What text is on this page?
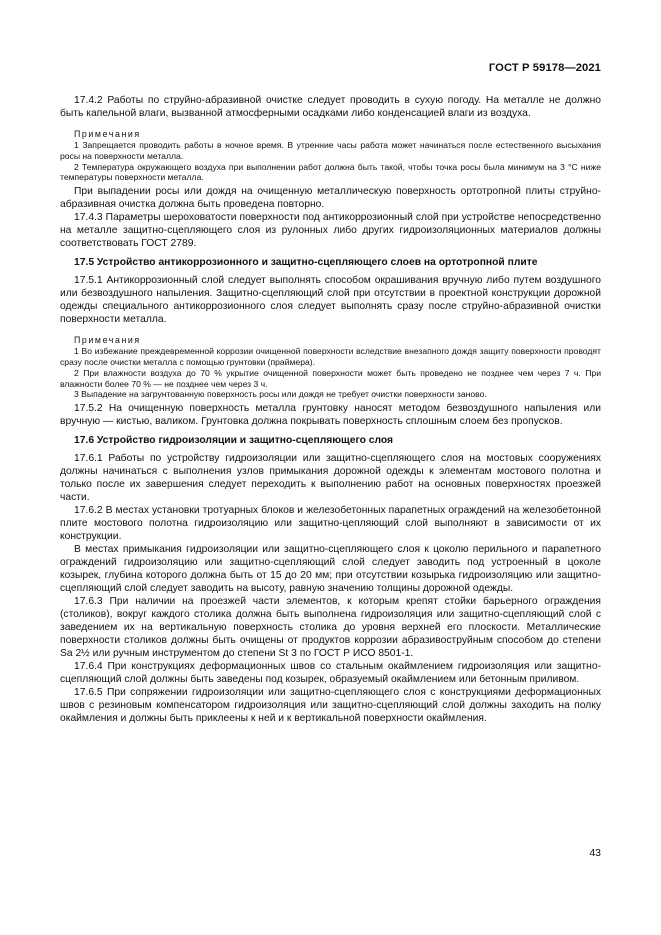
ГОСТ Р 59178—2021

17.4.2 Работы по струйно-абразивной очистке следует проводить в сухую погоду. На металле не должно быть капельной влаги, вызванной атмосферными осадками либо конденсацией влаги из воздуха.

Примечания

1 Запрещается проводить работы в ночное время. В утренние часы работа может начинаться после естественного высыхания росы на поверхности металла.

2 Температура окружающего воздуха при выполнении работ должна быть такой, чтобы точка росы была минимум на 3 °С ниже температуры поверхности металла.

При выпадении росы или дождя на очищенную металлическую поверхность ортотропной плиты струйно-абразивная очистка должна быть проведена повторно.

17.4.3 Параметры шероховатости поверхности под антикоррозионный слой при устройстве непосредственно на металле защитно-сцепляющего слоя из рулонных либо других гидроизоляционных материалов должны соответствовать ГОСТ 2789.

17.5 Устройство антикоррозионного и защитно-сцепляющего слоев на ортотропной плите

17.5.1 Антикоррозионный слой следует выполнять способом окрашивания вручную либо путем воздушного или безвоздушного напыления. Защитно-сцепляющий слой при отсутствии в проектной конструкции дорожной одежды специального антикоррозионного слоя следует выполнять сразу после струйно-абразивной очистки поверхности металла.

Примечания

1 Во избежание преждевременной коррозии очищенной поверхности вследствие внезапного дождя защиту поверхности проводят сразу после очистки металла с помощью грунтовки (праймера).

2 При влажности воздуха до 70 % укрытие очищенной поверхности может быть проведено не позднее чем через 7 ч. При влажности более 70 % — не позднее чем через 3 ч.

3 Выпадение на загрунтованную поверхность росы или дождя не требует очистки поверхности заново.

17.5.2 На очищенную поверхность металла грунтовку наносят методом безвоздушного напыления или вручную — кистью, валиком. Грунтовка должна покрывать поверхность сплошным слоем без пропусков.

17.6 Устройство гидроизоляции и защитно-сцепляющего слоя

17.6.1 Работы по устройству гидроизоляции или защитно-сцепляющего слоя на мостовых сооружениях должны начинаться с выполнения узлов примыкания дорожной одежды к элементам мостового полотна и только после их завершения следует переходить к выполнению работ на основных поверхностях проезжей части.

17.6.2 В местах установки тротуарных блоков и железобетонных парапетных ограждений на железобетонной плите мостового полотна гидроизоляцию или защитно-цепляющий слой выполняют в зависимости от их конструкции.

В местах примыкания гидроизоляции или защитно-сцепляющего слоя к цоколю перильного и парапетного ограждений гидроизоляцию или защитно-сцепляющий слой следует заводить под устроенный в цоколе козырек, глубина которого должна быть от 15 до 20 мм; при отсутствии козырька гидроизоляцию или защитно-сцепляющий слой следует заводить на высоту, равную значению толщины дорожной одежды.

17.6.3 При наличии на проезжей части элементов, к которым крепят стойки барьерного ограждения (столиков), вокруг каждого столика должна быть выполнена гидроизоляция или защитно-сцепляющий слой с заведением их на вертикальную поверхность столика до уровня верхней его плоскости. Металлические поверхности столиков должны быть очищены от продуктов коррозии абразивоструйным способом до степени Sa 2½ или ручным инструментом до степени St 3 по ГОСТ Р ИСО 8501-1.

17.6.4 При конструкциях деформационных швов со стальным окаймлением гидроизоляция или защитно-сцепляющий слой должны быть заведены под козырек, образуемый окаймлением или бетонным приливом.

17.6.5 При сопряжении гидроизоляции или защитно-сцепляющего слоя с конструкциями деформационных швов с резиновым компенсатором гидроизоляция или защитно-сцепляющий слой должны заходить на полку окаймления и должны быть приклеены к ней и к вертикальной поверхности окаймления.

43
